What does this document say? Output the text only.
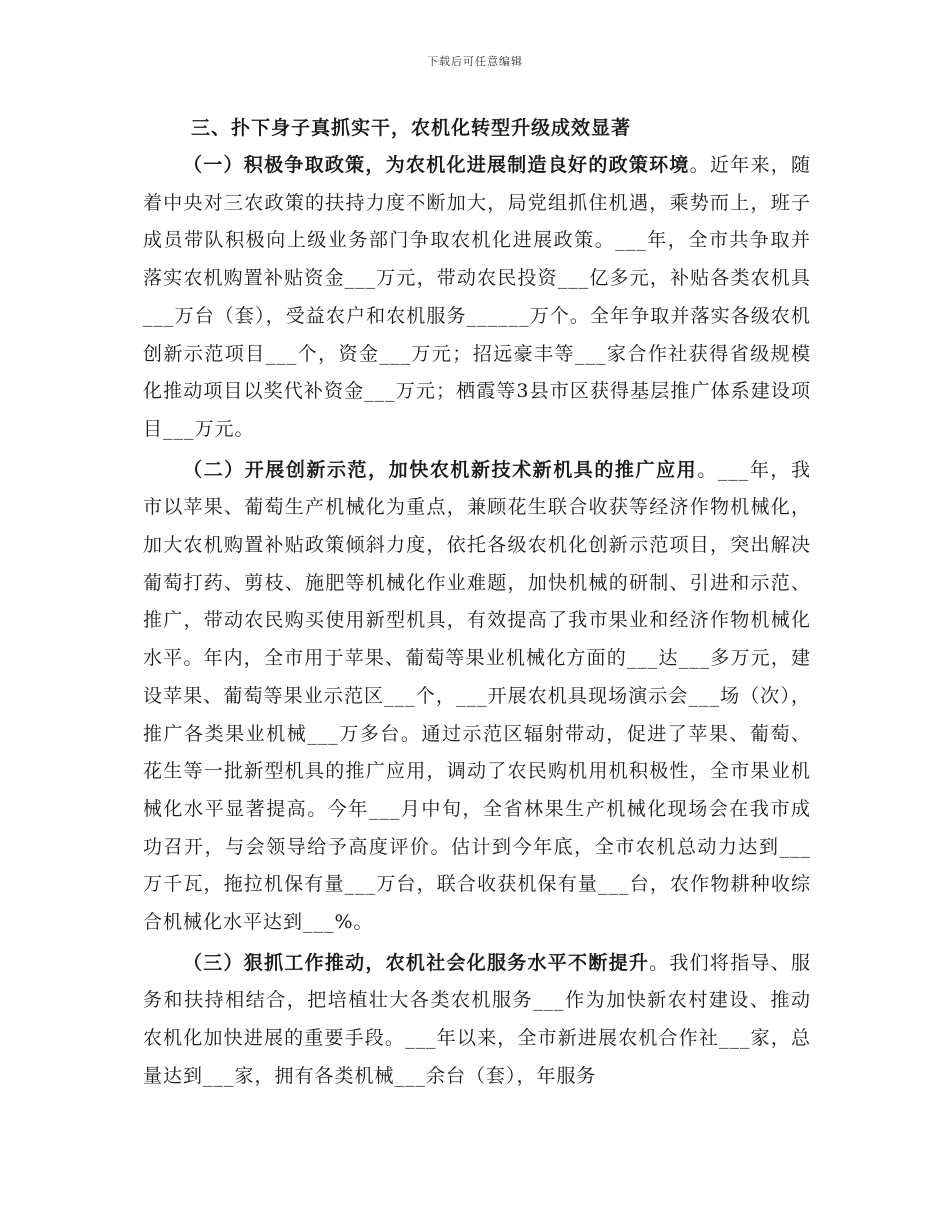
下载后可任意编辑

三、扑下身子真抓实干，农机化转型升级成效显著

（一）积极争取政策，为农机化进展制造良好的政策环境。近年来，随着中央对三农政策的扶持力度不断加大，局党组抓住机遇，乘势而上，班子成员带队积极向上级业务部门争取农机化进展政策。___年，全市共争取并落实农机购置补贴资金___万元，带动农民投资___亿多元，补贴各类农机具___万台（套），受益农户和农机服务______万个。全年争取并落实各级农机创新示范项目___个，资金___万元；招远豪丰等___家合作社获得省级规模化推动项目以奖代补资金___万元；栖霞等3县市区获得基层推广体系建设项目___万元。

（二）开展创新示范，加快农机新技术新机具的推广应用。___年，我市以苹果、葡萄生产机械化为重点，兼顾花生联合收获等经济作物机械化，加大农机购置补贴政策倾斜力度，依托各级农机化创新示范项目，突出解决葡萄打药、剪枝、施肥等机械化作业难题，加快机械的研制、引进和示范、推广，带动农民购买使用新型机具，有效提高了我市果业和经济作物机械化水平。年内，全市用于苹果、葡萄等果业机械化方面的___达___多万元，建设苹果、葡萄等果业示范区___个，___开展农机具现场演示会___场（次），推广各类果业机械___万多台。通过示范区辐射带动，促进了苹果、葡萄、花生等一批新型机具的推广应用，调动了农民购机用机积极性，全市果业机械化水平显著提高。今年___月中旬，全省林果生产机械化现场会在我市成功召开，与会领导给予高度评价。估计到今年底，全市农机总动力达到___万千瓦，拖拉机保有量___万台，联合收获机保有量___台，农作物耕种收综合机械化水平达到___%。

（三）狠抓工作推动，农机社会化服务水平不断提升。我们将指导、服务和扶持相结合，把培植壮大各类农机服务___作为加快新农村建设、推动农机化加快进展的重要手段。___年以来，全市新进展农机合作社___家，总量达到___家，拥有各类机械___余台（套），年服务
